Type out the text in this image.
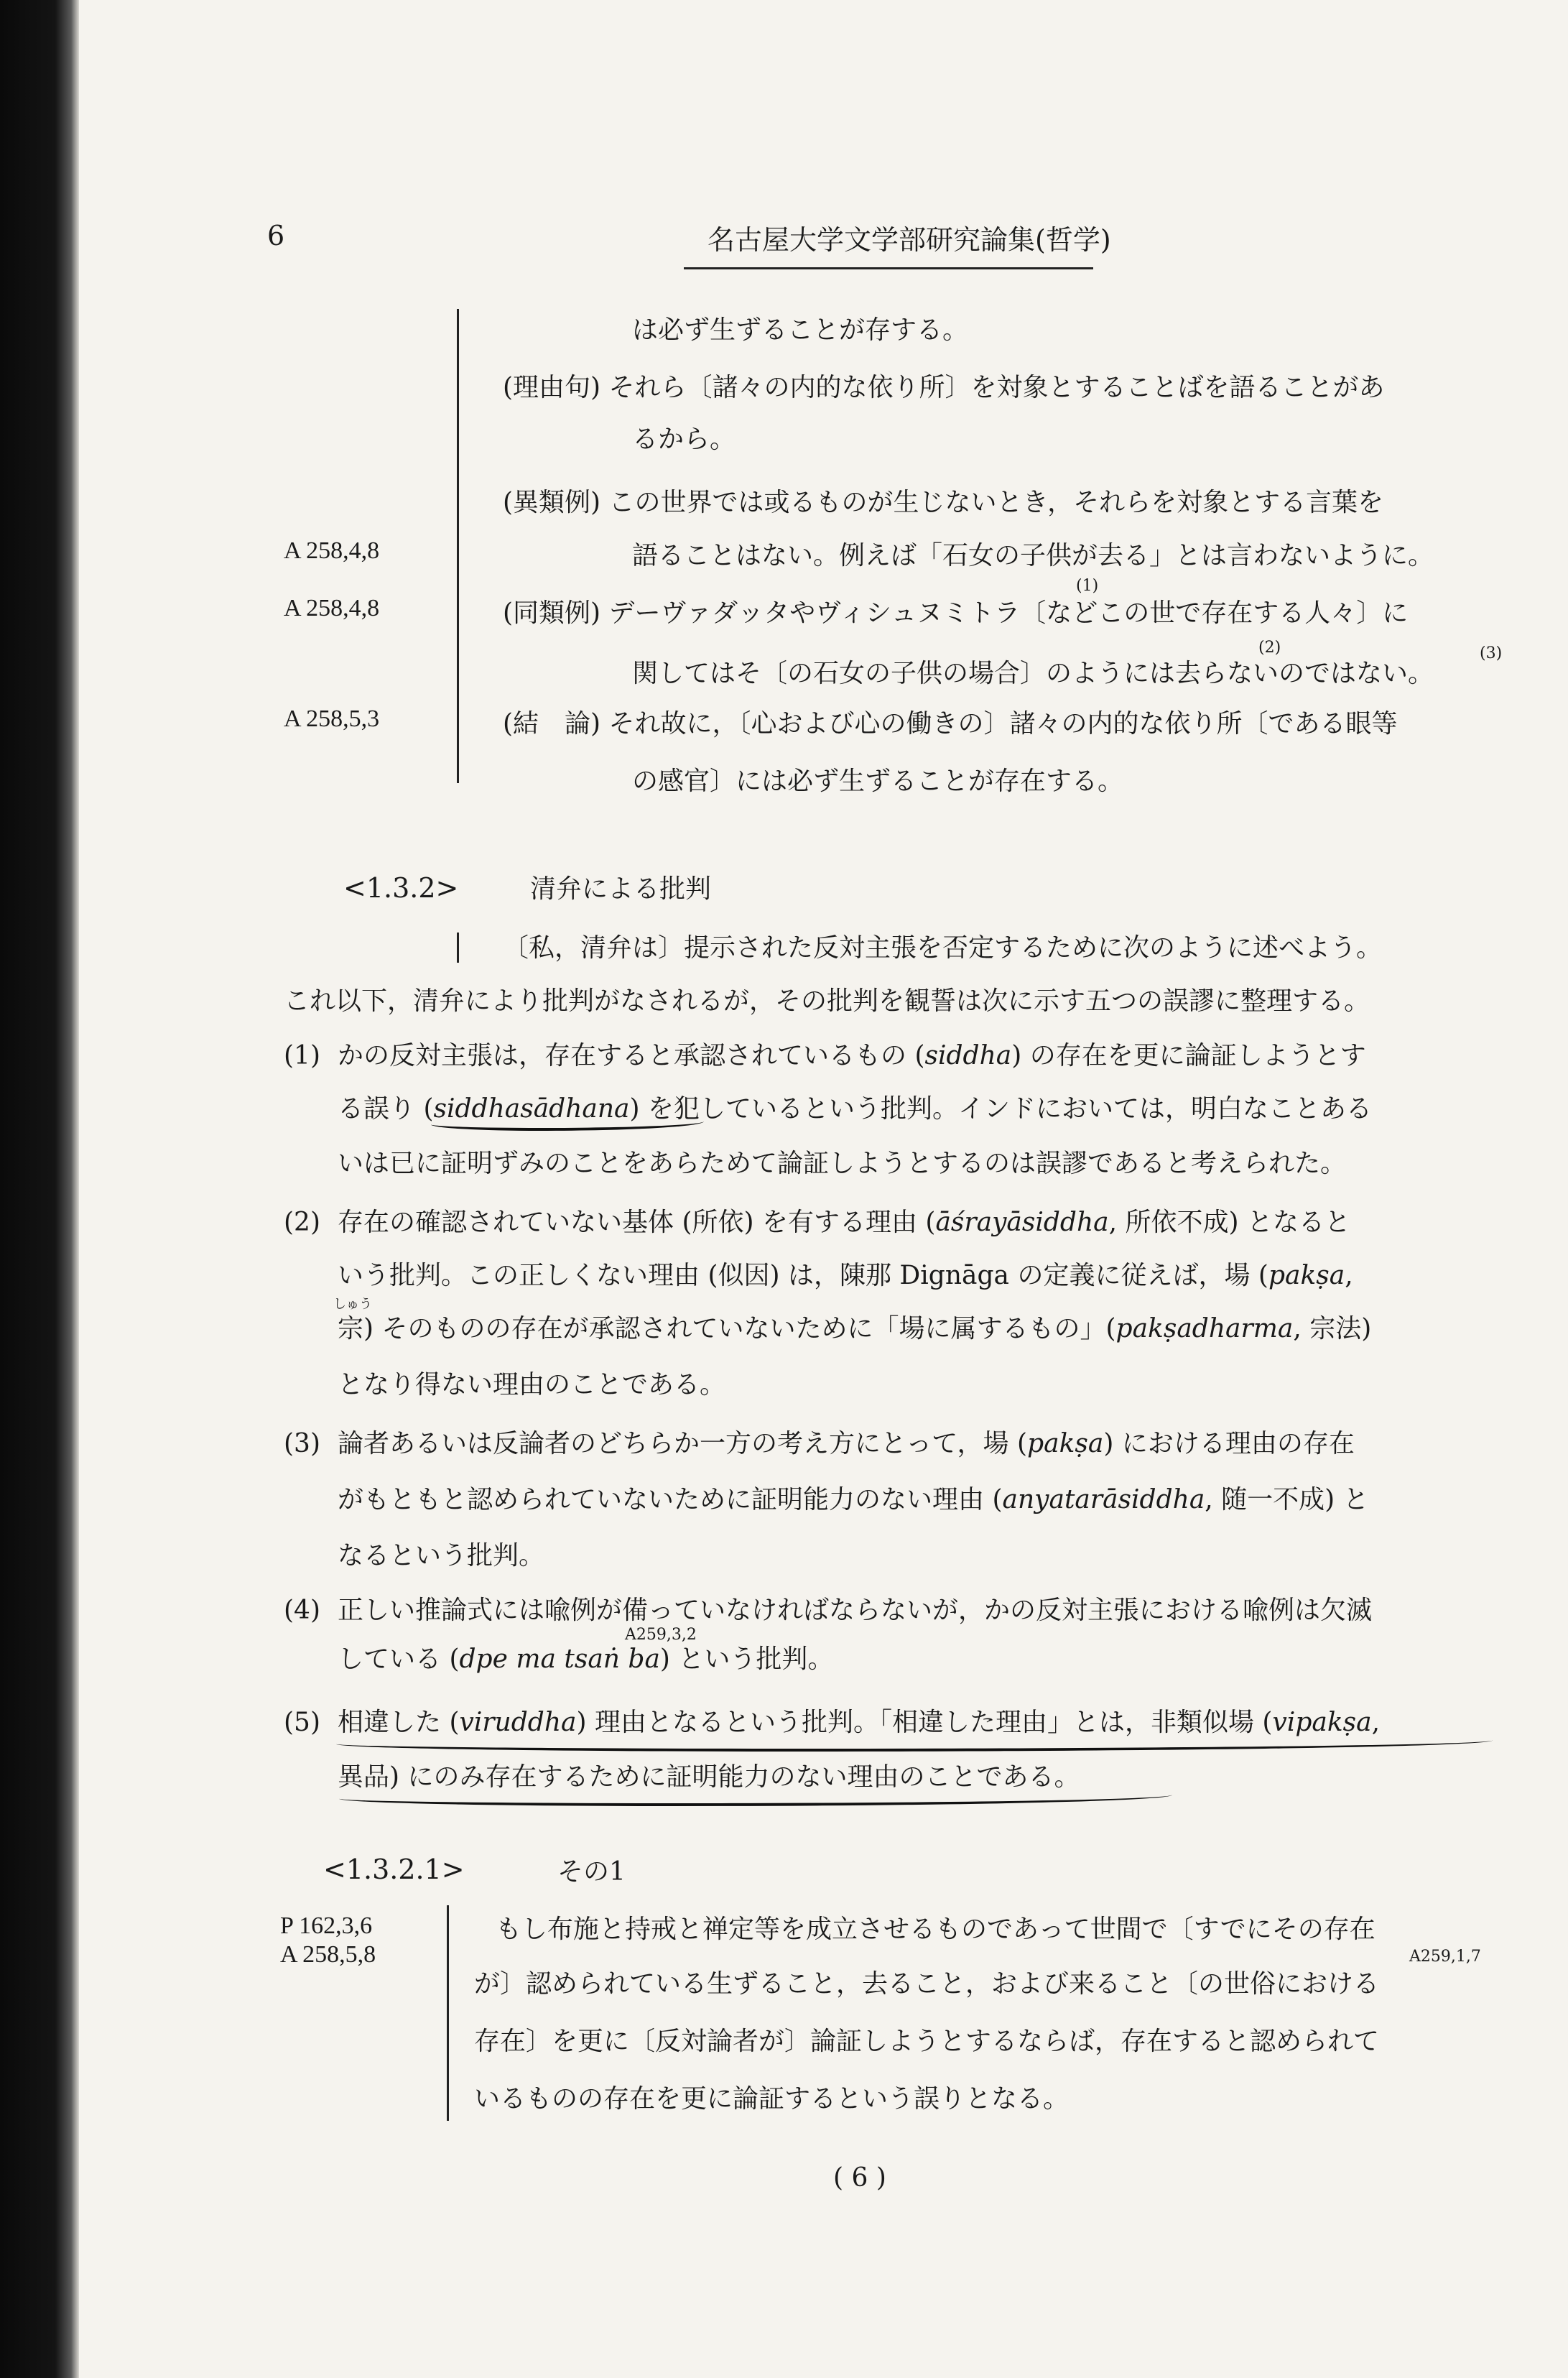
6	名古屋大学文学部研究論集(哲学)
は必ず生ずることが存する。
(理由句) それら〔諸々の内的な依り所〕を対象とすることばを語ることがあ
るから。
(異類例) この世界では或るものが生じないとき，それらを対象とする言葉を
語ることはない。例えば「石女の子供が去る」とは言わないように。
(1)
(同類例) デーヴァダッタやヴィシュヌミトラ〔などこの世で存在する人々〕に
(2)	(3)
関してはそ〔の石女の子供の場合〕のようには去らないのではない。
(結　論) それ故に，〔心および心の働きの〕諸々の内的な依り所〔である眼等
の感官〕には必ず生ずることが存在する。
A 258,4,8
A 258,4,8
A 258,5,3
<1.3.2>	清弁による批判
〔私，清弁は〕提示された反対主張を否定するために次のように述べよう。
これ以下，清弁により批判がなされるが，その批判を観誓は次に示す五つの誤謬に整理する。
(1) かの反対主張は，存在すると承認されているもの (siddha) の存在を更に論証しようとす
る誤り (siddhasādhana) を犯しているという批判。インドにおいては，明白なことある
いは已に証明ずみのことをあらためて論証しようとするのは誤謬であると考えられた。
(2) 存在の確認されていない基体 (所依) を有する理由 (āśrayāsiddha, 所依不成) となると
いう批判。この正しくない理由 (似因) は，陳那 Dignāga の定義に従えば，場 (pakṣa,
しゅう
宗) そのものの存在が承認されていないために「場に属するもの」(pakṣadharma, 宗法)
となり得ない理由のことである。
(3) 論者あるいは反論者のどちらか一方の考え方にとって，場 (pakṣa) における理由の存在
がもともと認められていないために証明能力のない理由 (anyatarāsiddha, 随一不成) と
なるという批判。
(4) 正しい推論式には喩例が備っていなければならないが，かの反対主張における喩例は欠滅
A259,3,2
している (dpe ma tsaṅ ba) という批判。
(5) 相違した (viruddha) 理由となるという批判。「相違した理由」とは，非類似場 (vipakṣa,
異品) にのみ存在するために証明能力のない理由のことである。
<1.3.2.1>	その1
P 162,3,6
A 258,5,8
もし布施と持戒と禅定等を成立させるものであって世間で〔すでにその存在
A259,1,7
が〕認められている生ずること，去ること，および来ること〔の世俗における
存在〕を更に〔反対論者が〕論証しようとするならば，存在すると認められて
いるものの存在を更に論証するという誤りとなる。
( 6 )
